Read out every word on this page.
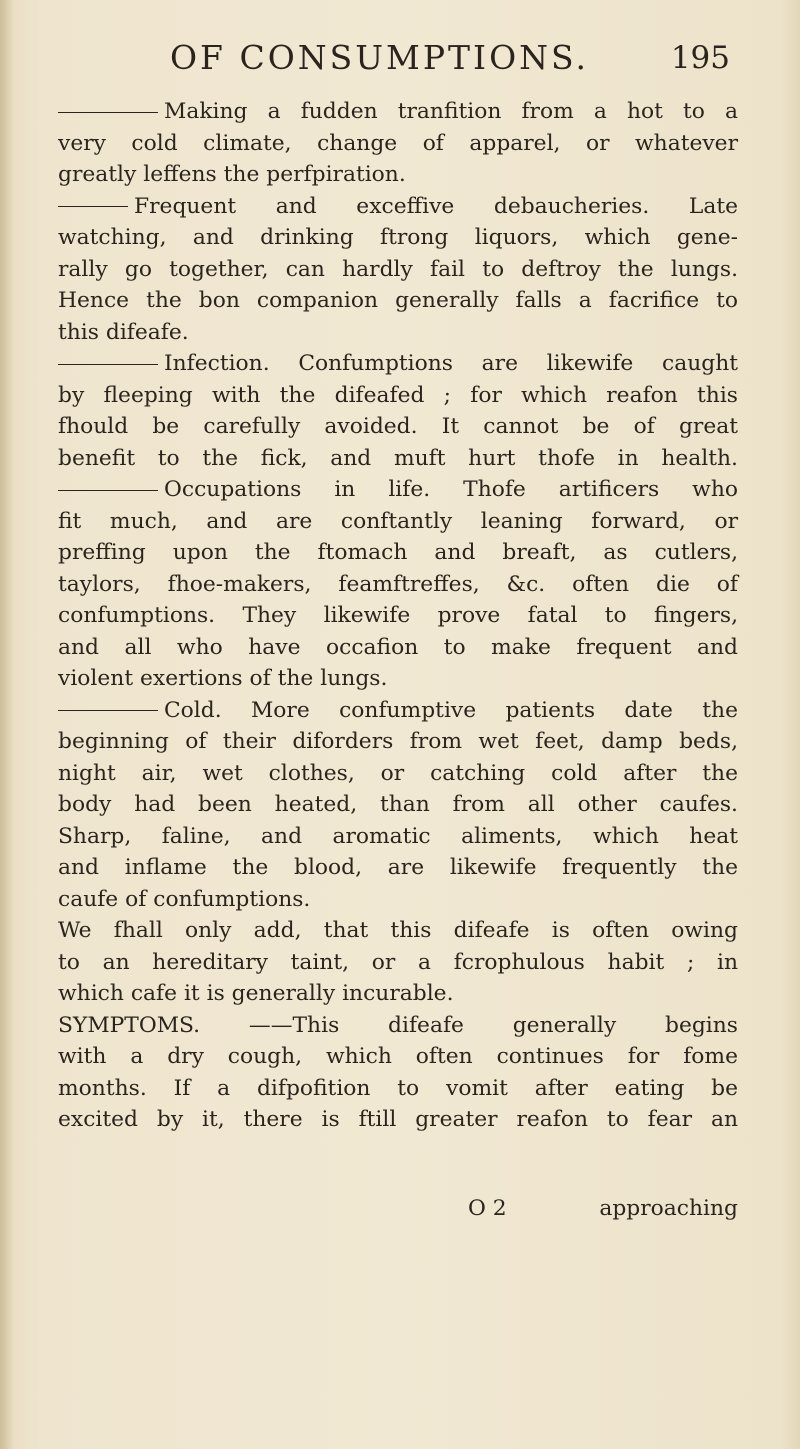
OF CONSUMPTIONS.	195
Making a fudden tranfition from a hot to a
very cold climate, change of apparel, or whatever
greatly leffens the perfpiration.
Frequent and exceffive debaucheries. Late
watching, and drinking ftrong liquors, which gene-
rally go together, can hardly fail to deftroy the lungs.
Hence the bon companion generally falls a facrifice to
this difeafe.
Infection. Confumptions are likewife caught
by fleeping with the difeafed ; for which reafon this
fhould be carefully avoided. It cannot be of great
benefit to the fick, and muft hurt thofe in health.
Occupations in life. Thofe artificers who
fit much, and are conftantly leaning forward, or
preffing upon the ftomach and breaft, as cutlers,
taylors, fhoe-makers, feamftreffes, &c. often die of
confumptions. They likewife prove fatal to fingers,
and all who have occafion to make frequent and
violent exertions of the lungs.
Cold. More confumptive patients date the
beginning of their diforders from wet feet, damp beds,
night air, wet clothes, or catching cold after the
body had been heated, than from all other caufes.
Sharp, faline, and aromatic aliments, which heat
and inflame the blood, are likewife frequently the
caufe of confumptions.
We fhall only add, that this difeafe is often owing
to an hereditary taint, or a fcrophulous habit ; in
which cafe it is generally incurable.
SYMPTOMS. ——This difeafe generally begins
with a dry cough, which often continues for fome
months. If a difpofition to vomit after eating be
excited by it, there is ftill greater reafon to fear an
O 2	approaching
